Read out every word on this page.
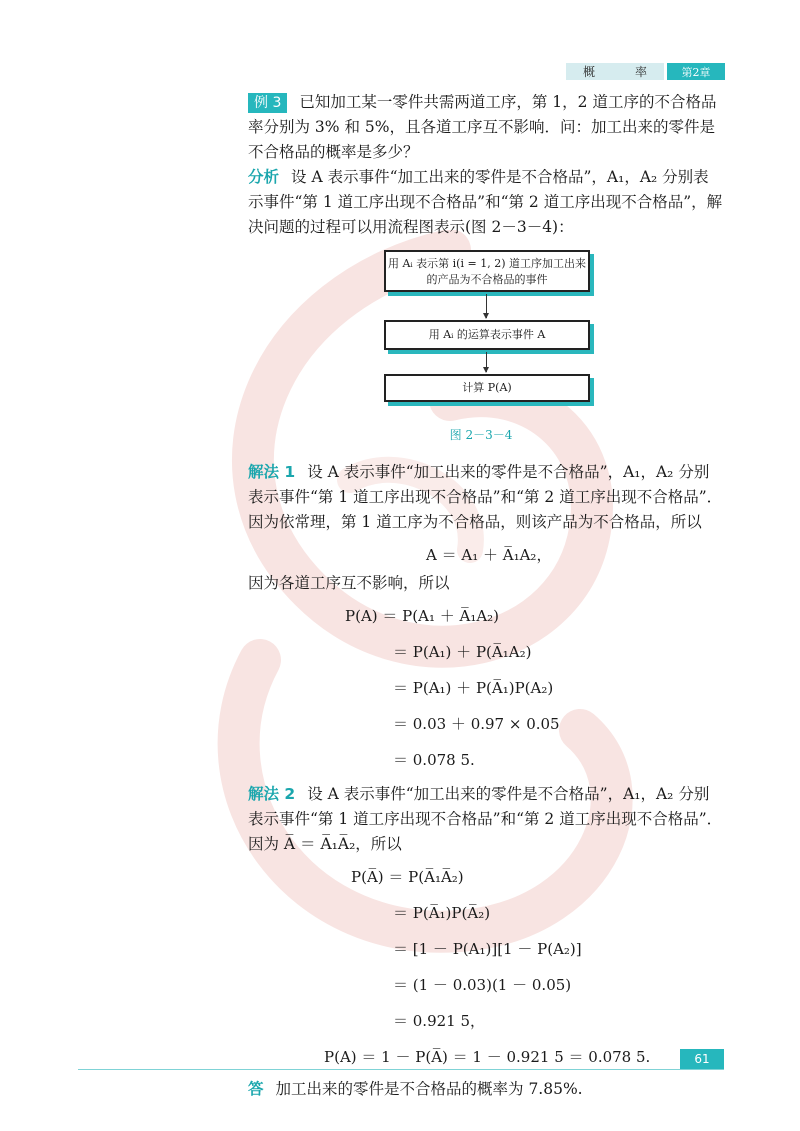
概　率	第2章

例 3 已知加工某一零件共需两道工序，第 1，2 道工序的不合格品率分别为 3% 和 5%，且各道工序互不影响．问：加工出来的零件是不合格品的概率是多少？

分析 设 A 表示事件“加工出来的零件是不合格品”，A₁，A₂ 分别表示事件“第 1 道工序出现不合格品”和“第 2 道工序出现不合格品”，解决问题的过程可以用流程图表示(图 2－3－4)：

用 Aᵢ 表示第 i(i = 1, 2) 道工序加工出来的产品为不合格品的事件
用 Aᵢ 的运算表示事件 A
计算 P(A)
图 2－3－4

解法 1 设 A 表示事件“加工出来的零件是不合格品”，A₁，A₂ 分别表示事件“第 1 道工序出现不合格品”和“第 2 道工序出现不合格品”．因为依常理，第 1 道工序为不合格品，则该产品为不合格品，所以

A ＝ A₁ ＋ A̅₁A₂，

因为各道工序互不影响，所以

P(A) ＝ P(A₁ ＋ A̅₁A₂)
＝ P(A₁) ＋ P(A̅₁A₂)
＝ P(A₁) ＋ P(A̅₁)P(A₂)
＝ 0.03 ＋ 0.97 × 0.05
＝ 0.078 5.

解法 2 设 A 表示事件“加工出来的零件是不合格品”，A₁，A₂ 分别表示事件“第 1 道工序出现不合格品”和“第 2 道工序出现不合格品”．因为 A̅ ＝ A̅₁A̅₂，所以

P(A̅) ＝ P(A̅₁A̅₂)
＝ P(A̅₁)P(A̅₂)
＝ [1 － P(A₁)][1 － P(A₂)]
＝ (1 － 0.03)(1 － 0.05)
＝ 0.921 5，
P(A) ＝ 1 － P(A̅) ＝ 1 － 0.921 5 ＝ 0.078 5.

答 加工出来的零件是不合格品的概率为 7.85%.

61
